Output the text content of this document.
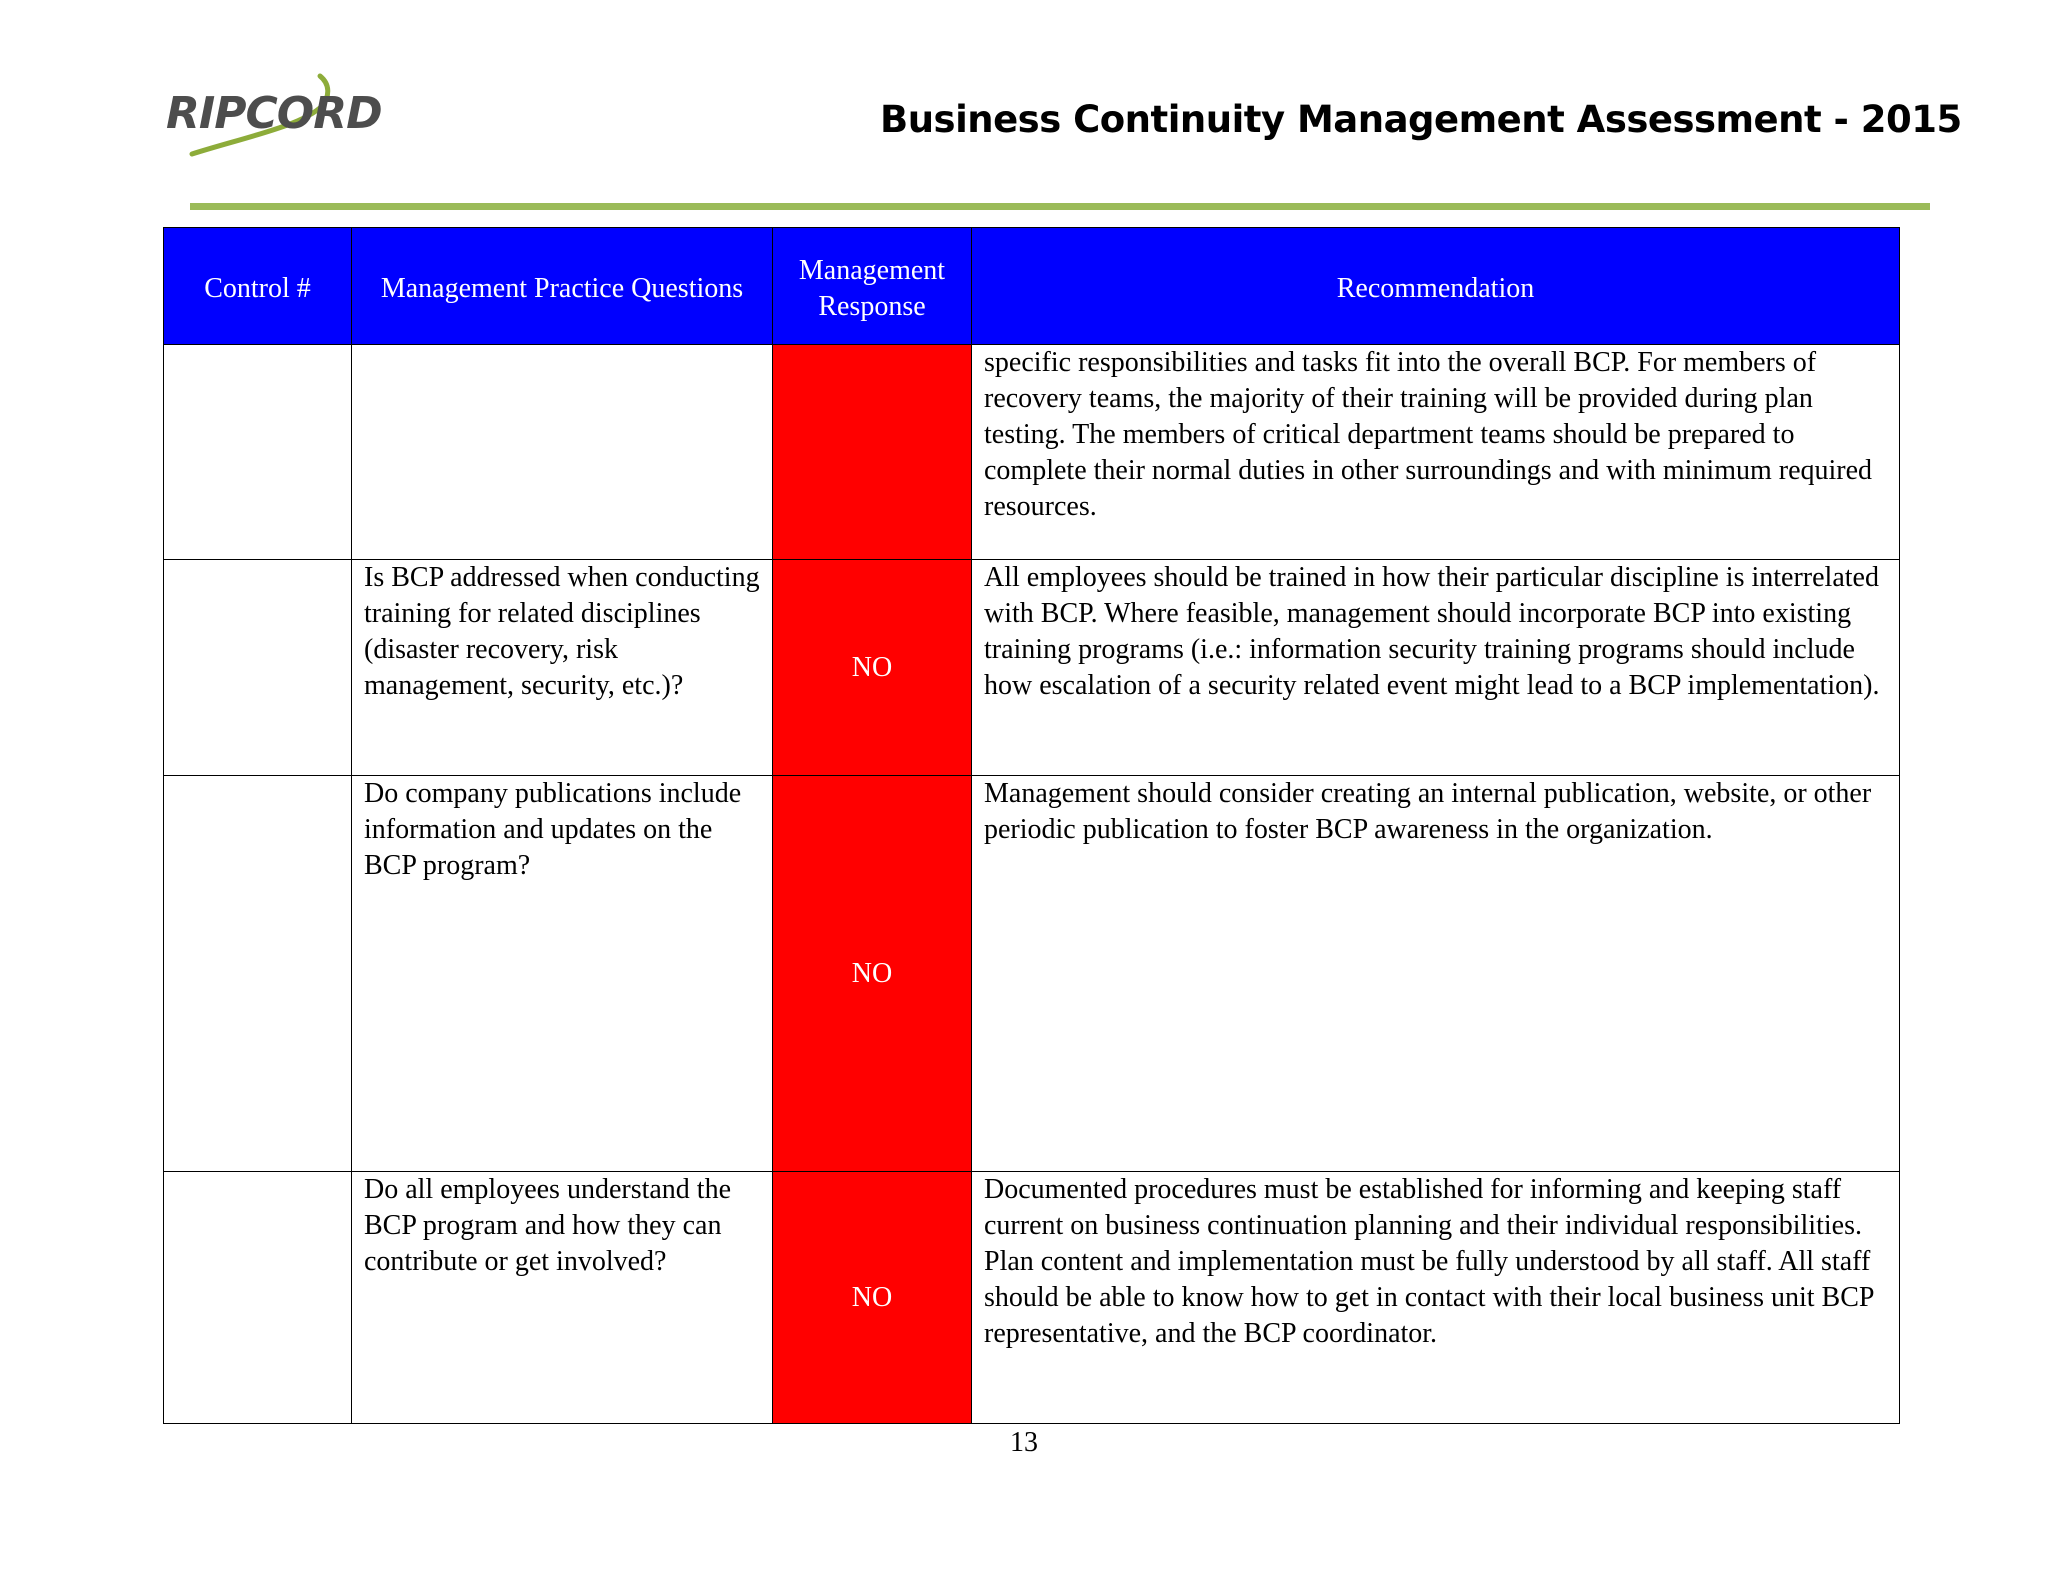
RIPCORD	Business Continuity Management Assessment - 2015
Control #	Management Practice Questions	Management Response	Recommendation
			specific responsibilities and tasks fit into the overall BCP. For members of recovery teams, the majority of their training will be provided during plan testing. The members of critical department teams should be prepared to complete their normal duties in other surroundings and with minimum required resources.
	Is BCP addressed when conducting training for related disciplines (disaster recovery, risk management, security, etc.)?	NO	All employees should be trained in how their particular discipline is interrelated with BCP. Where feasible, management should incorporate BCP into existing training programs (i.e.: information security training programs should include how escalation of a security related event might lead to a BCP implementation).
	Do company publications include information and updates on the BCP program?	NO	Management should consider creating an internal publication, website, or other periodic publication to foster BCP awareness in the organization.
	Do all employees understand the BCP program and how they can contribute or get involved?	NO	Documented procedures must be established for informing and keeping staff current on business continuation planning and their individual responsibilities. Plan content and implementation must be fully understood by all staff. All staff should be able to know how to get in contact with their local business unit BCP representative, and the BCP coordinator.
13
